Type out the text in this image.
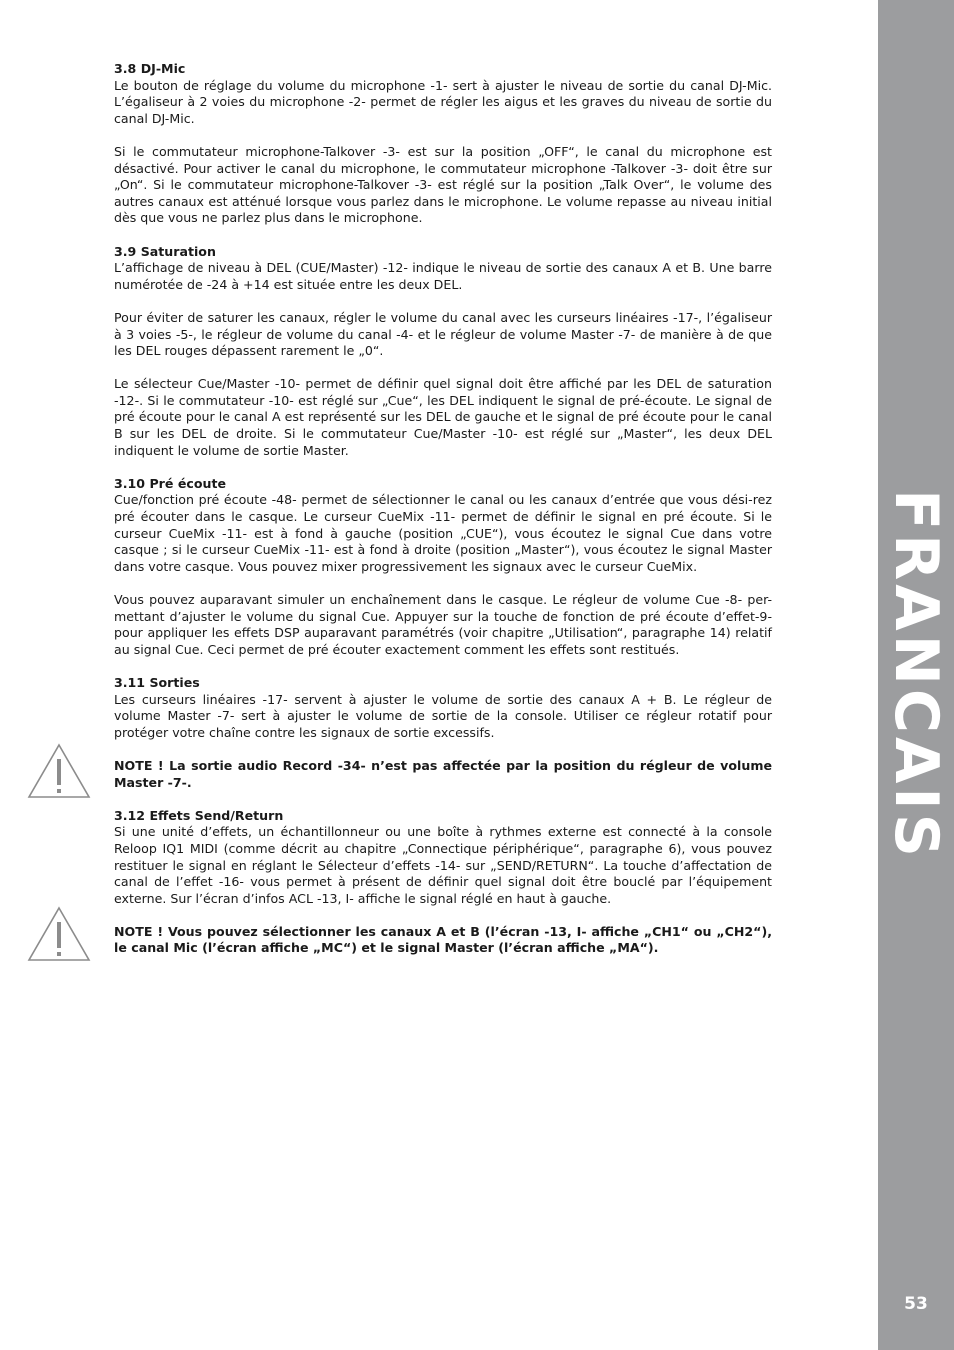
FRANCAIS
53

3.8 DJ-Mic

Le bouton de réglage du volume du microphone -1- sert à ajuster le niveau de sortie du canal DJ-Mic. L’égaliseur à 2 voies du microphone -2- permet de régler les aigus et les graves du niveau de sortie du canal DJ-Mic.

Si le commutateur microphone-Talkover -3- est sur la position „OFF“, le canal du microphone est désactivé. Pour activer le canal du microphone, le commutateur microphone -Talkover -3- doit être sur „On“. Si le commutateur microphone-Talkover -3- est réglé sur la position „Talk Over“, le volume des autres canaux est atténué lorsque vous parlez dans le microphone. Le volume repasse au niveau initial dès que vous ne parlez plus dans le microphone.

3.9 Saturation

L’affichage de niveau à DEL (CUE/Master) -12- indique le niveau de sortie des canaux A et B. Une barre numérotée de -24 à +14 est située entre les deux DEL.

Pour éviter de saturer les canaux, régler le volume du canal avec les curseurs linéaires -17-, l’égaliseur à 3 voies -5-, le régleur de volume du canal -4- et le régleur de volume Master -7- de manière à de que les DEL rouges dépassent rarement le „0“.

Le sélecteur Cue/Master -10- permet de définir quel signal doit être affiché par les DEL de saturation -12-. Si le commutateur -10- est réglé sur „Cue“, les DEL indiquent le signal de pré-écoute. Le signal de pré écoute pour le canal A est représenté sur les DEL de gauche et le signal de pré écoute pour le canal B sur les DEL de droite. Si le commutateur Cue/Master -10- est réglé sur „Master“, les deux DEL indiquent le volume de sortie Master.

3.10 Pré écoute

Cue/fonction pré écoute -48- permet de sélectionner le canal ou les canaux d’entrée que vous dési-rez pré écouter dans le casque. Le curseur CueMix -11- permet de définir le signal en pré écoute. Si le curseur CueMix -11- est à fond à gauche (position „CUE“), vous écoutez le signal Cue dans votre casque ; si le curseur CueMix -11- est à fond à droite (position „Master“), vous écoutez le signal Master dans votre casque. Vous pouvez mixer progressivement les signaux avec le curseur CueMix.

Vous pouvez auparavant simuler un enchaînement dans le casque. Le régleur de volume Cue -8- per-mettant d’ajuster le volume du signal Cue. Appuyer sur la touche de fonction de pré écoute d’effet-9- pour appliquer les effets DSP auparavant paramétrés (voir chapitre „Utilisation“, paragraphe 14) relatif au signal Cue. Ceci permet de pré écouter exactement comment les effets sont restitués.

3.11 Sorties

Les curseurs linéaires -17- servent à ajuster le volume de sortie des canaux A + B. Le régleur de volume Master -7- sert à ajuster le volume de sortie de la console. Utiliser ce régleur rotatif pour protéger votre chaîne contre les signaux de sortie excessifs.

NOTE ! La sortie audio Record -34- n’est pas affectée par la position du régleur de volume Master -7-.

3.12 Effets Send/Return

Si une unité d’effets, un échantillonneur ou une boîte à rythmes externe est connecté à la console Reloop IQ1 MIDI (comme décrit au chapitre „Connectique périphérique“, paragraphe 6), vous pouvez restituer le signal en réglant le Sélecteur d’effets -14- sur „SEND/RETURN“. La touche d’affectation de canal de l’effet -16- vous permet à présent de définir quel signal doit être bouclé par l’équipement externe. Sur l’écran d’infos ACL -13, I- affiche le signal réglé en haut à gauche.

NOTE ! Vous pouvez sélectionner les canaux A et B (l’écran -13, I- affiche „CH1“ ou „CH2“), le canal Mic (l’écran affiche „MC“) et le signal Master (l’écran affiche „MA“).
